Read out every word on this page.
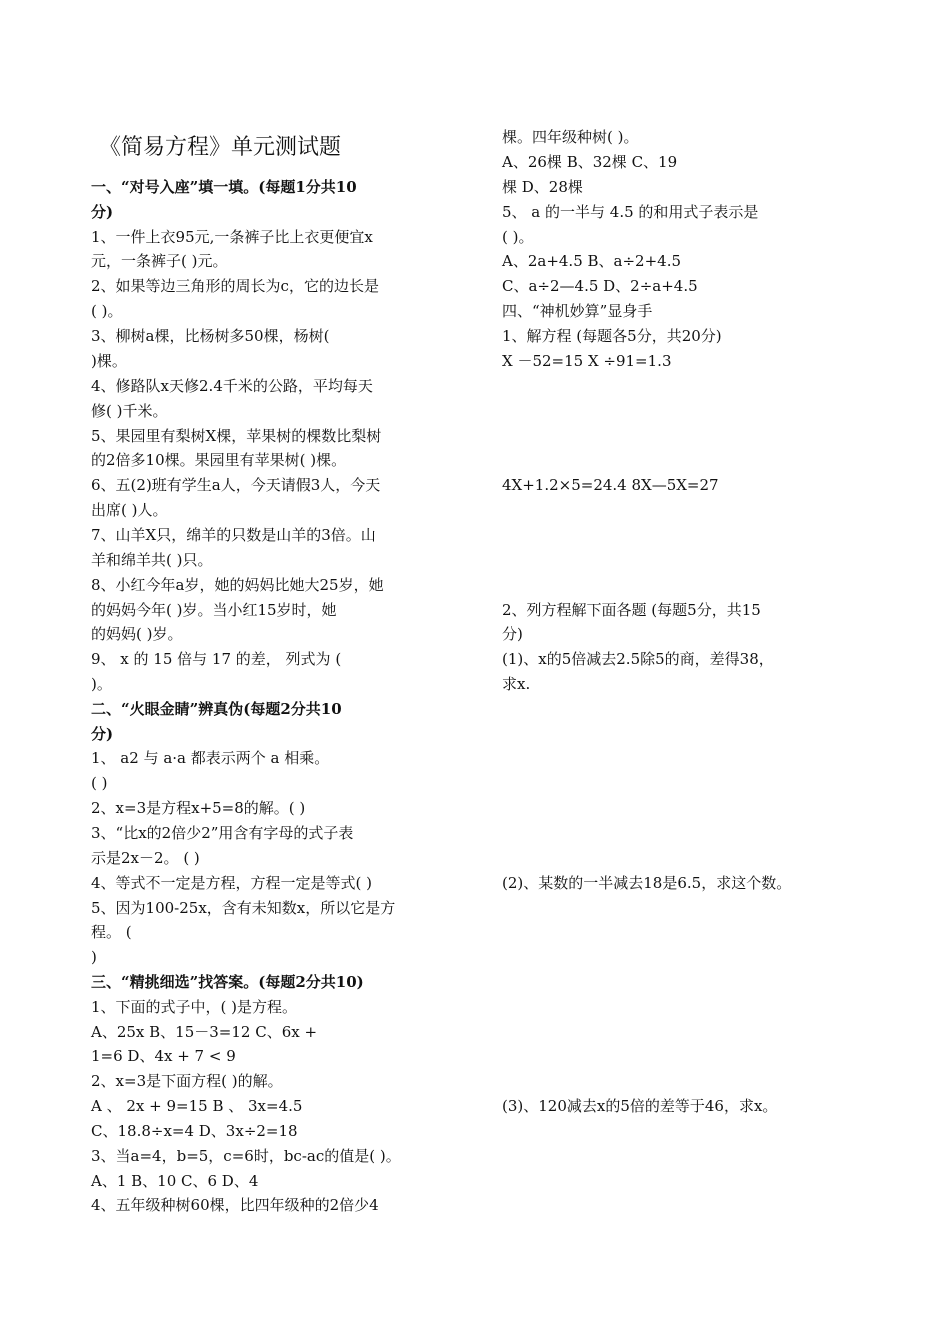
《简易方程》单元测试题
一、“对号入座”填一填。(每题1分共10
分)
1、一件上衣95元,一条裤子比上衣更便宜x
元，一条裤子( )元。
2、如果等边三角形的周长为c，它的边长是
( )。
3、柳树a棵，比杨树多50棵，杨树(
)棵。
4、修路队x天修2.4千米的公路，平均每天
修( )千米。
5、果园里有梨树X棵，苹果树的棵数比梨树
的2倍多10棵。果园里有苹果树( )棵。
6、五(2)班有学生a人，今天请假3人，今天
出席( )人。
7、山羊X只，绵羊的只数是山羊的3倍。山
羊和绵羊共( )只。
8、小红今年a岁，她的妈妈比她大25岁，她
的妈妈今年( )岁。当小红15岁时，她
的妈妈( )岁。
9、 x 的 15 倍与 17 的差， 列式为 (
)。
二、“火眼金睛”辨真伪(每题2分共10
分)
1、 a2 与 a·a 都表示两个 a 相乘。
( )
2、x=3是方程x+5=8的解。( )
3、“比x的2倍少2”用含有字母的式子表
示是2x－2。 ( )
4、等式不一定是方程，方程一定是等式( )
5、因为100-25x，含有未知数x，所以它是方
程。 (
)
三、“精挑细选”找答案。(每题2分共10)
1、下面的式子中，( )是方程。
A、25x B、15－3=12 C、6x +
1=6 D、4x + 7 < 9
2、x=3是下面方程( )的解。
A 、 2x + 9=15 B 、 3x=4.5
C、18.8÷x=4 D、3x÷2=18
3、当a=4，b=5，c=6时，bc-ac的值是( )。
A、1 B、10 C、6 D、4
4、五年级种树60棵，比四年级种的2倍少4
棵。四年级种树( )。
A、26棵 B、32棵 C、19
棵 D、28棵
5、 a 的一半与 4.5 的和用式子表示是
( )。
A、2a+4.5 B、a÷2+4.5
C、a÷2—4.5 D、2÷a+4.5
四、“神机妙算”显身手
1、解方程 (每题各5分，共20分)
X －52=15 X ÷91=1.3
4X+1.2×5=24.4 8X—5X=27
2、列方程解下面各题 (每题5分，共15
分)
(1)、x的5倍减去2.5除5的商，差得38，
求x.
(2)、某数的一半减去18是6.5，求这个数。
(3)、120减去x的5倍的差等于46，求x。
